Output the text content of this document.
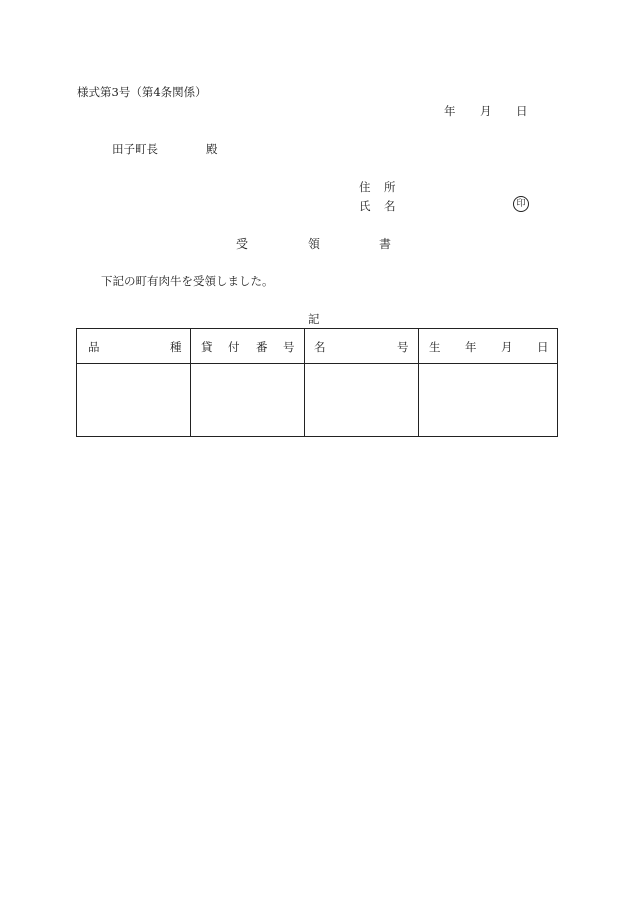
様式第3号（第4条関係）
年 月 日
田子町長	殿
住 所
氏 名	印
受	領	書
下記の町有肉牛を受領しました。
記
品 種	貸 付 番 号	名 号	生 年 月 日
